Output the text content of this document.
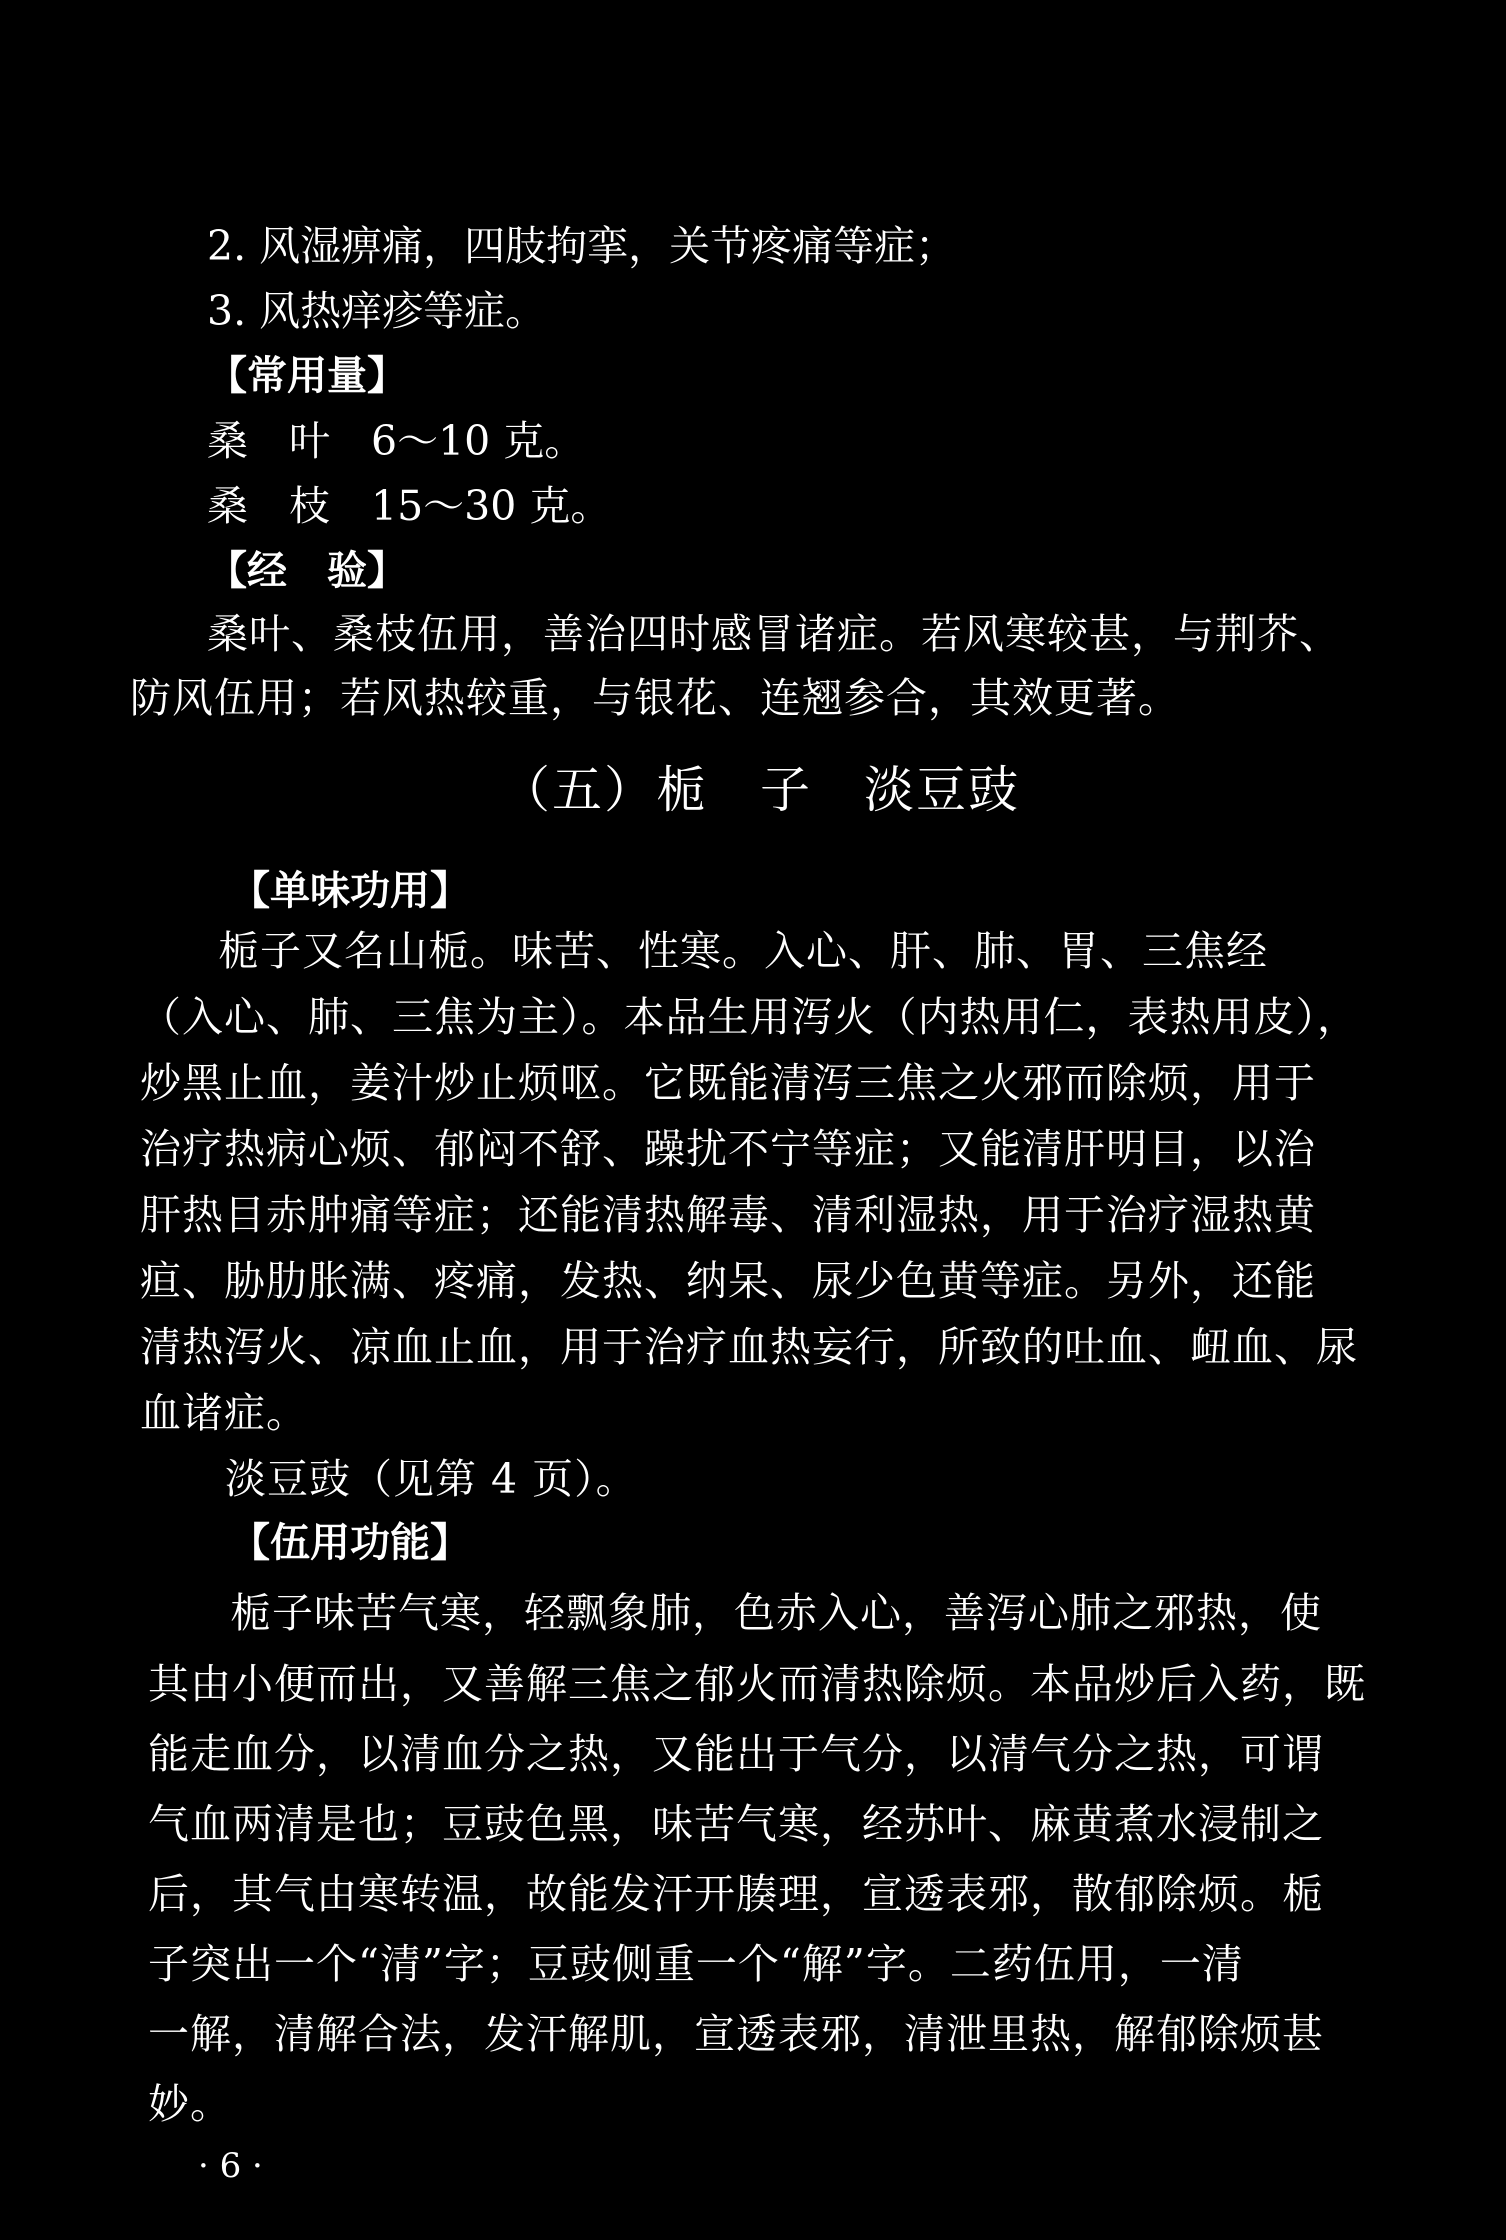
2. 风湿痹痛，四肢拘挛，关节疼痛等症；
3. 风热痒疹等症。
【常用量】
桑　叶　6～10 克。
桑　枝　15～30 克。
【经　验】
桑叶、桑枝伍用，善治四时感冒诸症。若风寒较甚，与荆芥、
防风伍用；若风热较重，与银花、连翘参合，其效更著。
（五）栀　子　淡豆豉
【单味功用】
栀子又名山栀。味苦、性寒。入心、肝、肺、胃、三焦经
（入心、肺、三焦为主）。本品生用泻火（内热用仁，表热用皮），
炒黑止血，姜汁炒止烦呕。它既能清泻三焦之火邪而除烦，用于
治疗热病心烦、郁闷不舒、躁扰不宁等症；又能清肝明目，以治
肝热目赤肿痛等症；还能清热解毒、清利湿热，用于治疗湿热黄
疸、胁肋胀满、疼痛，发热、纳呆、尿少色黄等症。另外，还能
清热泻火、凉血止血，用于治疗血热妄行，所致的吐血、衄血、尿
血诸症。
淡豆豉（见第 4 页）。
【伍用功能】
栀子味苦气寒，轻飘象肺，色赤入心，善泻心肺之邪热，使
其由小便而出，又善解三焦之郁火而清热除烦。本品炒后入药，既
能走血分，以清血分之热，又能出于气分，以清气分之热，可谓
气血两清是也；豆豉色黑，味苦气寒，经苏叶、麻黄煮水浸制之
后，其气由寒转温，故能发汗开腠理，宣透表邪，散郁除烦。栀
子突出一个“清”字；豆豉侧重一个“解”字。二药伍用，一清
一解，清解合法，发汗解肌，宣透表邪，清泄里热，解郁除烦甚
妙。
· 6 ·
